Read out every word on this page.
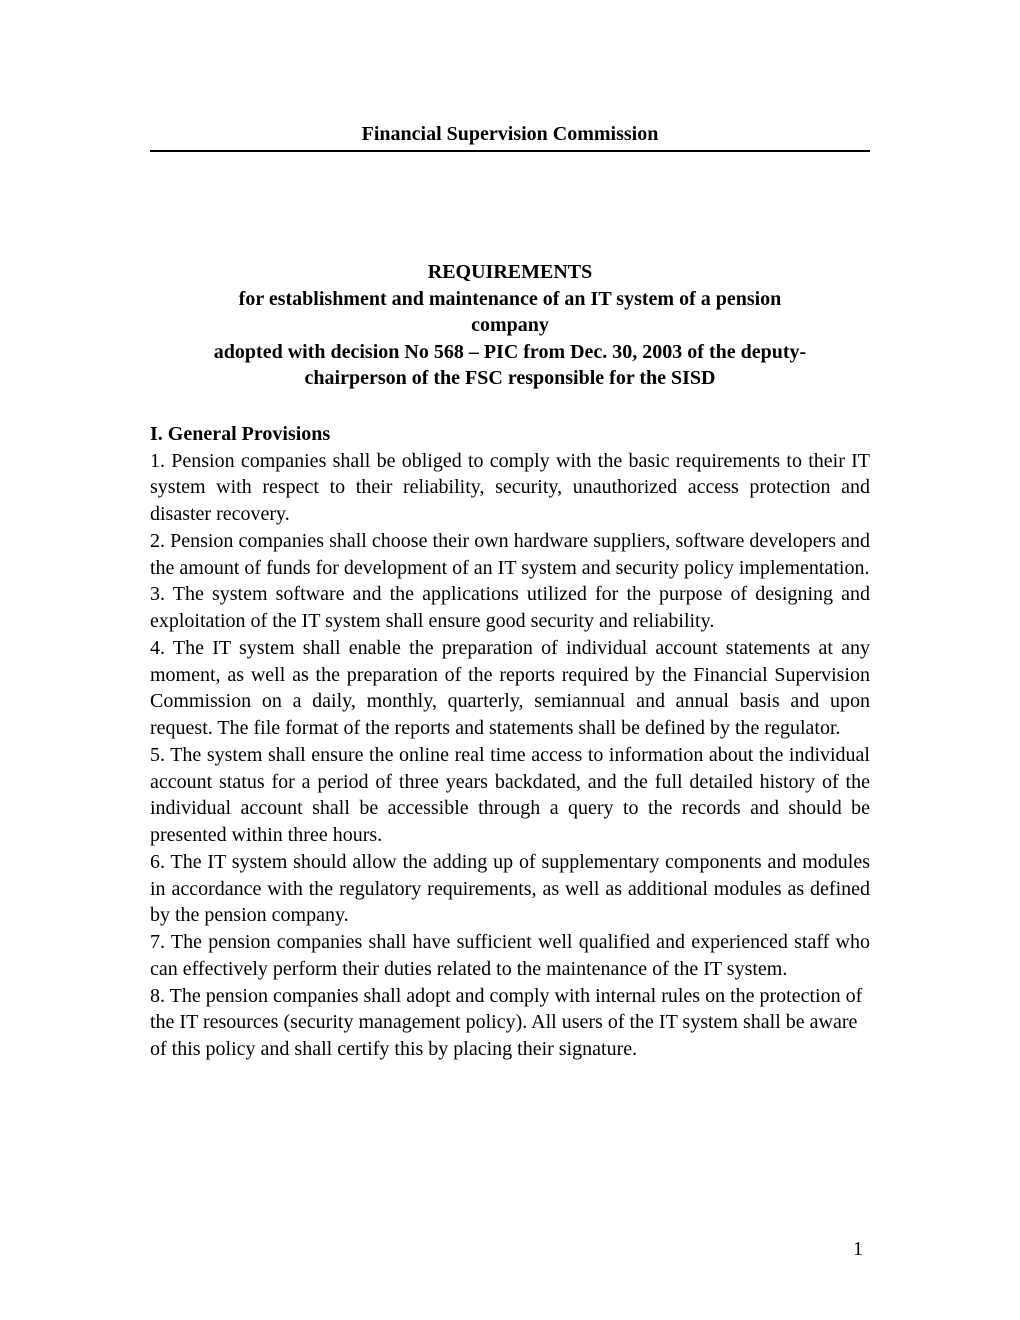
Financial Supervision Commission
REQUIREMENTS
for establishment and maintenance of an IT system of a pension
company
adopted with decision No 568 – PIC from Dec. 30, 2003 of the deputy-
chairperson of the FSC responsible for the SISD
I. General Provisions

1. Pension companies shall be obliged to comply with the basic requirements to their IT system with respect to their reliability, security, unauthorized access protection and disaster recovery.

2. Pension companies shall choose their own hardware suppliers, software developers and the amount of funds for development of an IT system and security policy implementation.

3. The system software and the applications utilized for the purpose of designing and exploitation of the IT system shall ensure good security and reliability.

4. The IT system shall enable the preparation of individual account statements at any moment, as well as the preparation of the reports required by the Financial Supervision Commission on a daily, monthly, quarterly, semiannual and annual basis and upon request. The file format of the reports and statements shall be defined by the regulator.

5. The system shall ensure the online real time access to information about the individual account status for a period of three years backdated, and the full detailed history of the individual account shall be accessible through a query to the records and should be presented within three hours.

6. The IT system should allow the adding up of supplementary components and modules in accordance with the regulatory requirements, as well as additional modules as defined by the pension company.

7. The pension companies shall have sufficient well qualified and experienced staff who can effectively perform their duties related to the maintenance of the IT system.

8. The pension companies shall adopt and comply with internal rules on the protection of the IT resources (security management policy). All users of the IT system shall be aware of this policy and shall certify this by placing their signature.

1
